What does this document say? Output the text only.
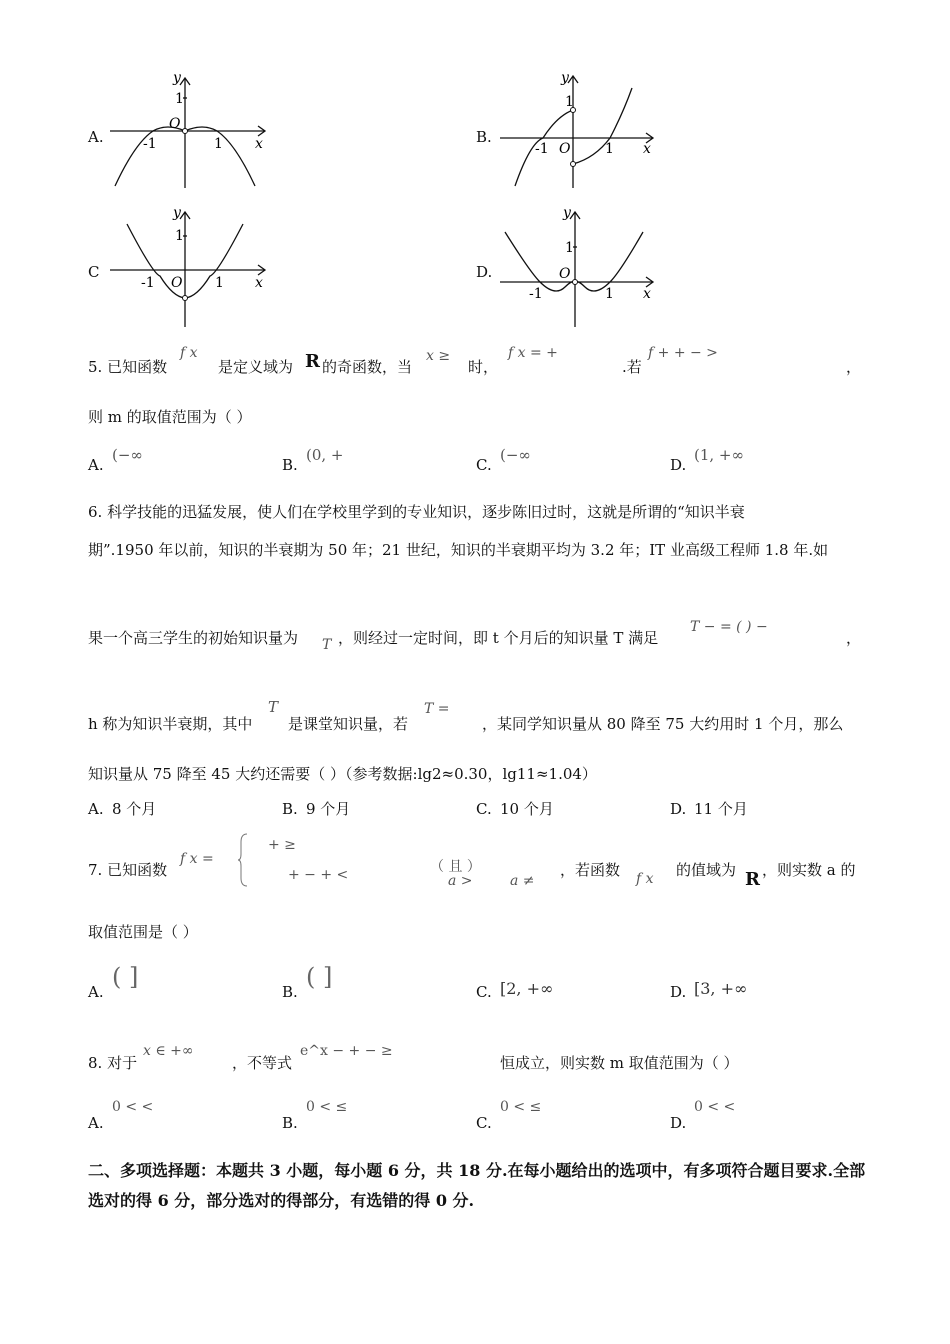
A.
y
1
O
-1	1 x	B.
y
1
O
-1	1 x
C
y
1
O
-1	1 x
D.
y
1
O
-1	1 x
5. 已知函数
f x
是定义域为 R 的奇函数，当
x ≥
时，
f x = +
.若
f + + − >
，
则 m 的取值范围为（ ）
A.
(−∞
B.
(0, +
C.
(−∞
D.
(1, +∞
6. 科学技能的迅猛发展，使人们在学校里学到的专业知识，逐步陈旧过时，这就是所谓的“知识半衰
期”.1950 年以前，知识的半衰期为 50 年；21 世纪，知识的半衰期平均为 3.2 年；IT 业高级工程师 1.8 年.如
果一个高三学生的初始知识量为 T ，则经过一定时间，即 t 个月后的知识量 T 满足
T − = ( ) −
，
h 称为知识半衰期，其中
T
是课堂知识量，若
T =
，某同学知识量从 80 降至 75 大约用时 1 个月，那么
知识量从 75 降至 45 大约还需要（ ）（参考数据:lg2≈0.30，lg11≈1.04）
A. 8 个月	B. 9 个月	C. 10 个月	D. 11 个月
7. 已知函数
f x =
+ ≥
+ − + <	（ 且 ）
a >	a ≠
，若函数 f x 的值域为 R ，则实数 a 的
取值范围是（ ）
A.
( ]
B.
( ]
C. [2, +∞	D. [3, +∞
8. 对于
x ∈ +∞
，不等式
e^x − + − ≥
恒成立，则实数 m 取值范围为（ ）
A.
0 < <
B.
0 < ≤
C.
0 < ≤
D.
0 < <
二、多项选择题：本题共 3 小题，每小题 6 分，共 18 分.在每小题给出的选项中，有多项符合题目要求.全部选对的得 6 分，部分选对的得部分，有选错的得 0 分.
